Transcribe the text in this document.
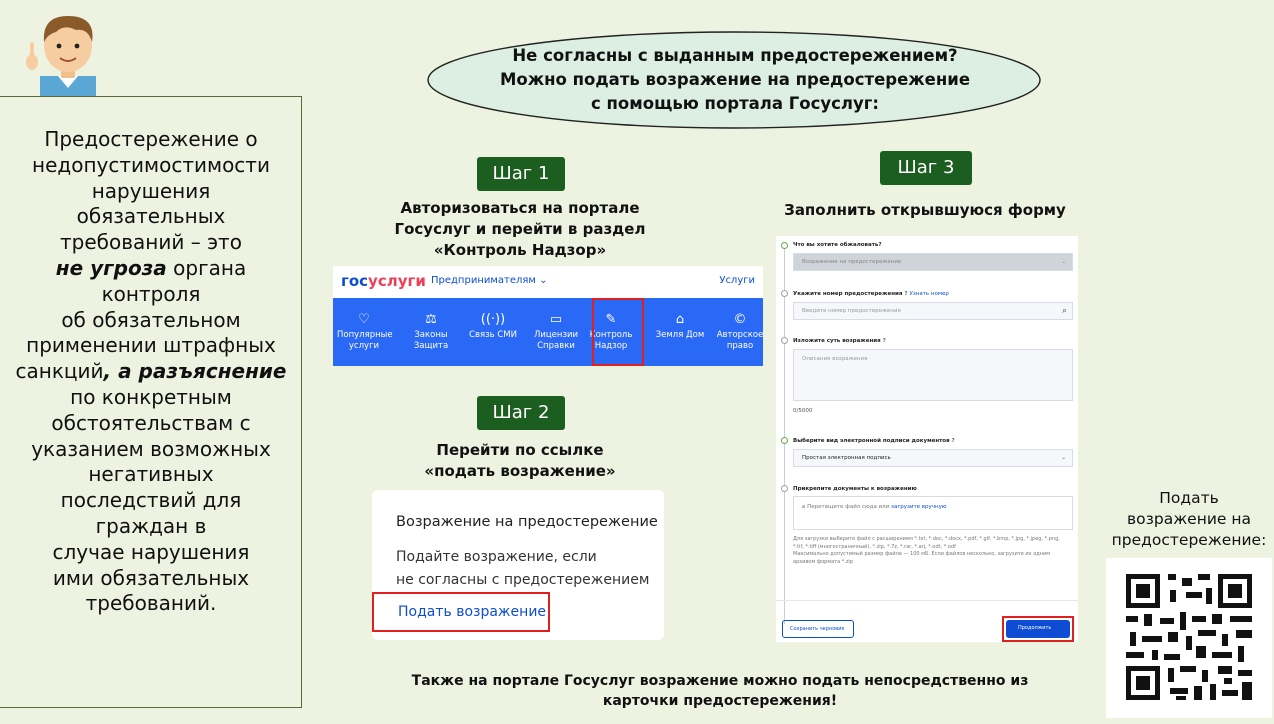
Предостережение о
недопустимостимости
нарушения
обязательных
требований – это
не угроза органа
контроля
об обязательном
применении штрафных
санкций, а разъяснение
по конкретным
обстоятельствам с
указанием возможных
негативных
последствий для
граждан в
случае нарушения
ими обязательных
требований.
Не согласны с выданным предостережением?
Можно подать возражение на предостережение
с помощью портала Госуслуг:
Шаг 1
Авторизоваться на портале
Госуслуг и перейти в раздел
«Контроль Надзор»
госуслуги Предпринимателям ⌄	Услуги
♡
Популярные
услуги
⚖
Законы
Защита
((·))
Связь СМИ
▭
Лицензии
Справки
✎
Контроль
Надзор
⌂
Земля Дом
©
Авторское
право
Шаг 2
Перейти по ссылке
«подать возражение»
Возражение на предостережение
Подайте возражение, если
не согласны с предостережением
Подать возражение
Шаг 3
Заполнить открывшуюся форму
Что вы хотите обжаловать?
Возражение на предостережение	⌄
Укажите номер предостережения ? Узнать номер
Введите номер предостережения	⌕
Изложите суть возражения ?
Описание возражения
0/5000
Выберите вид электронной подписи документов ?
Простая электронная подпись	⌄
Прикрепите документы к возражению
⌀ Перетащите файл сюда или загрузите вручную
Для загрузки выберите файл с расширением *.txt, *.doc, *.docx, *.pdf, *.gif, *.bmp, *.jpg, *.jpeg, *.png,
*.tif, *.tiff (многостраничный), *.zip, *.7z, *.rar, *.arj, *.odt, *.odf
Максимально допустимый размер файла — 100 мБ. Если файлов несколько, загрузите их одним
архивом формата *.zip
Сохранить черновик	Продолжить
Подать
возражение на
предостережение:
Также на портале Госуслуг возражение можно подать непосредственно из
карточки предостережения!
